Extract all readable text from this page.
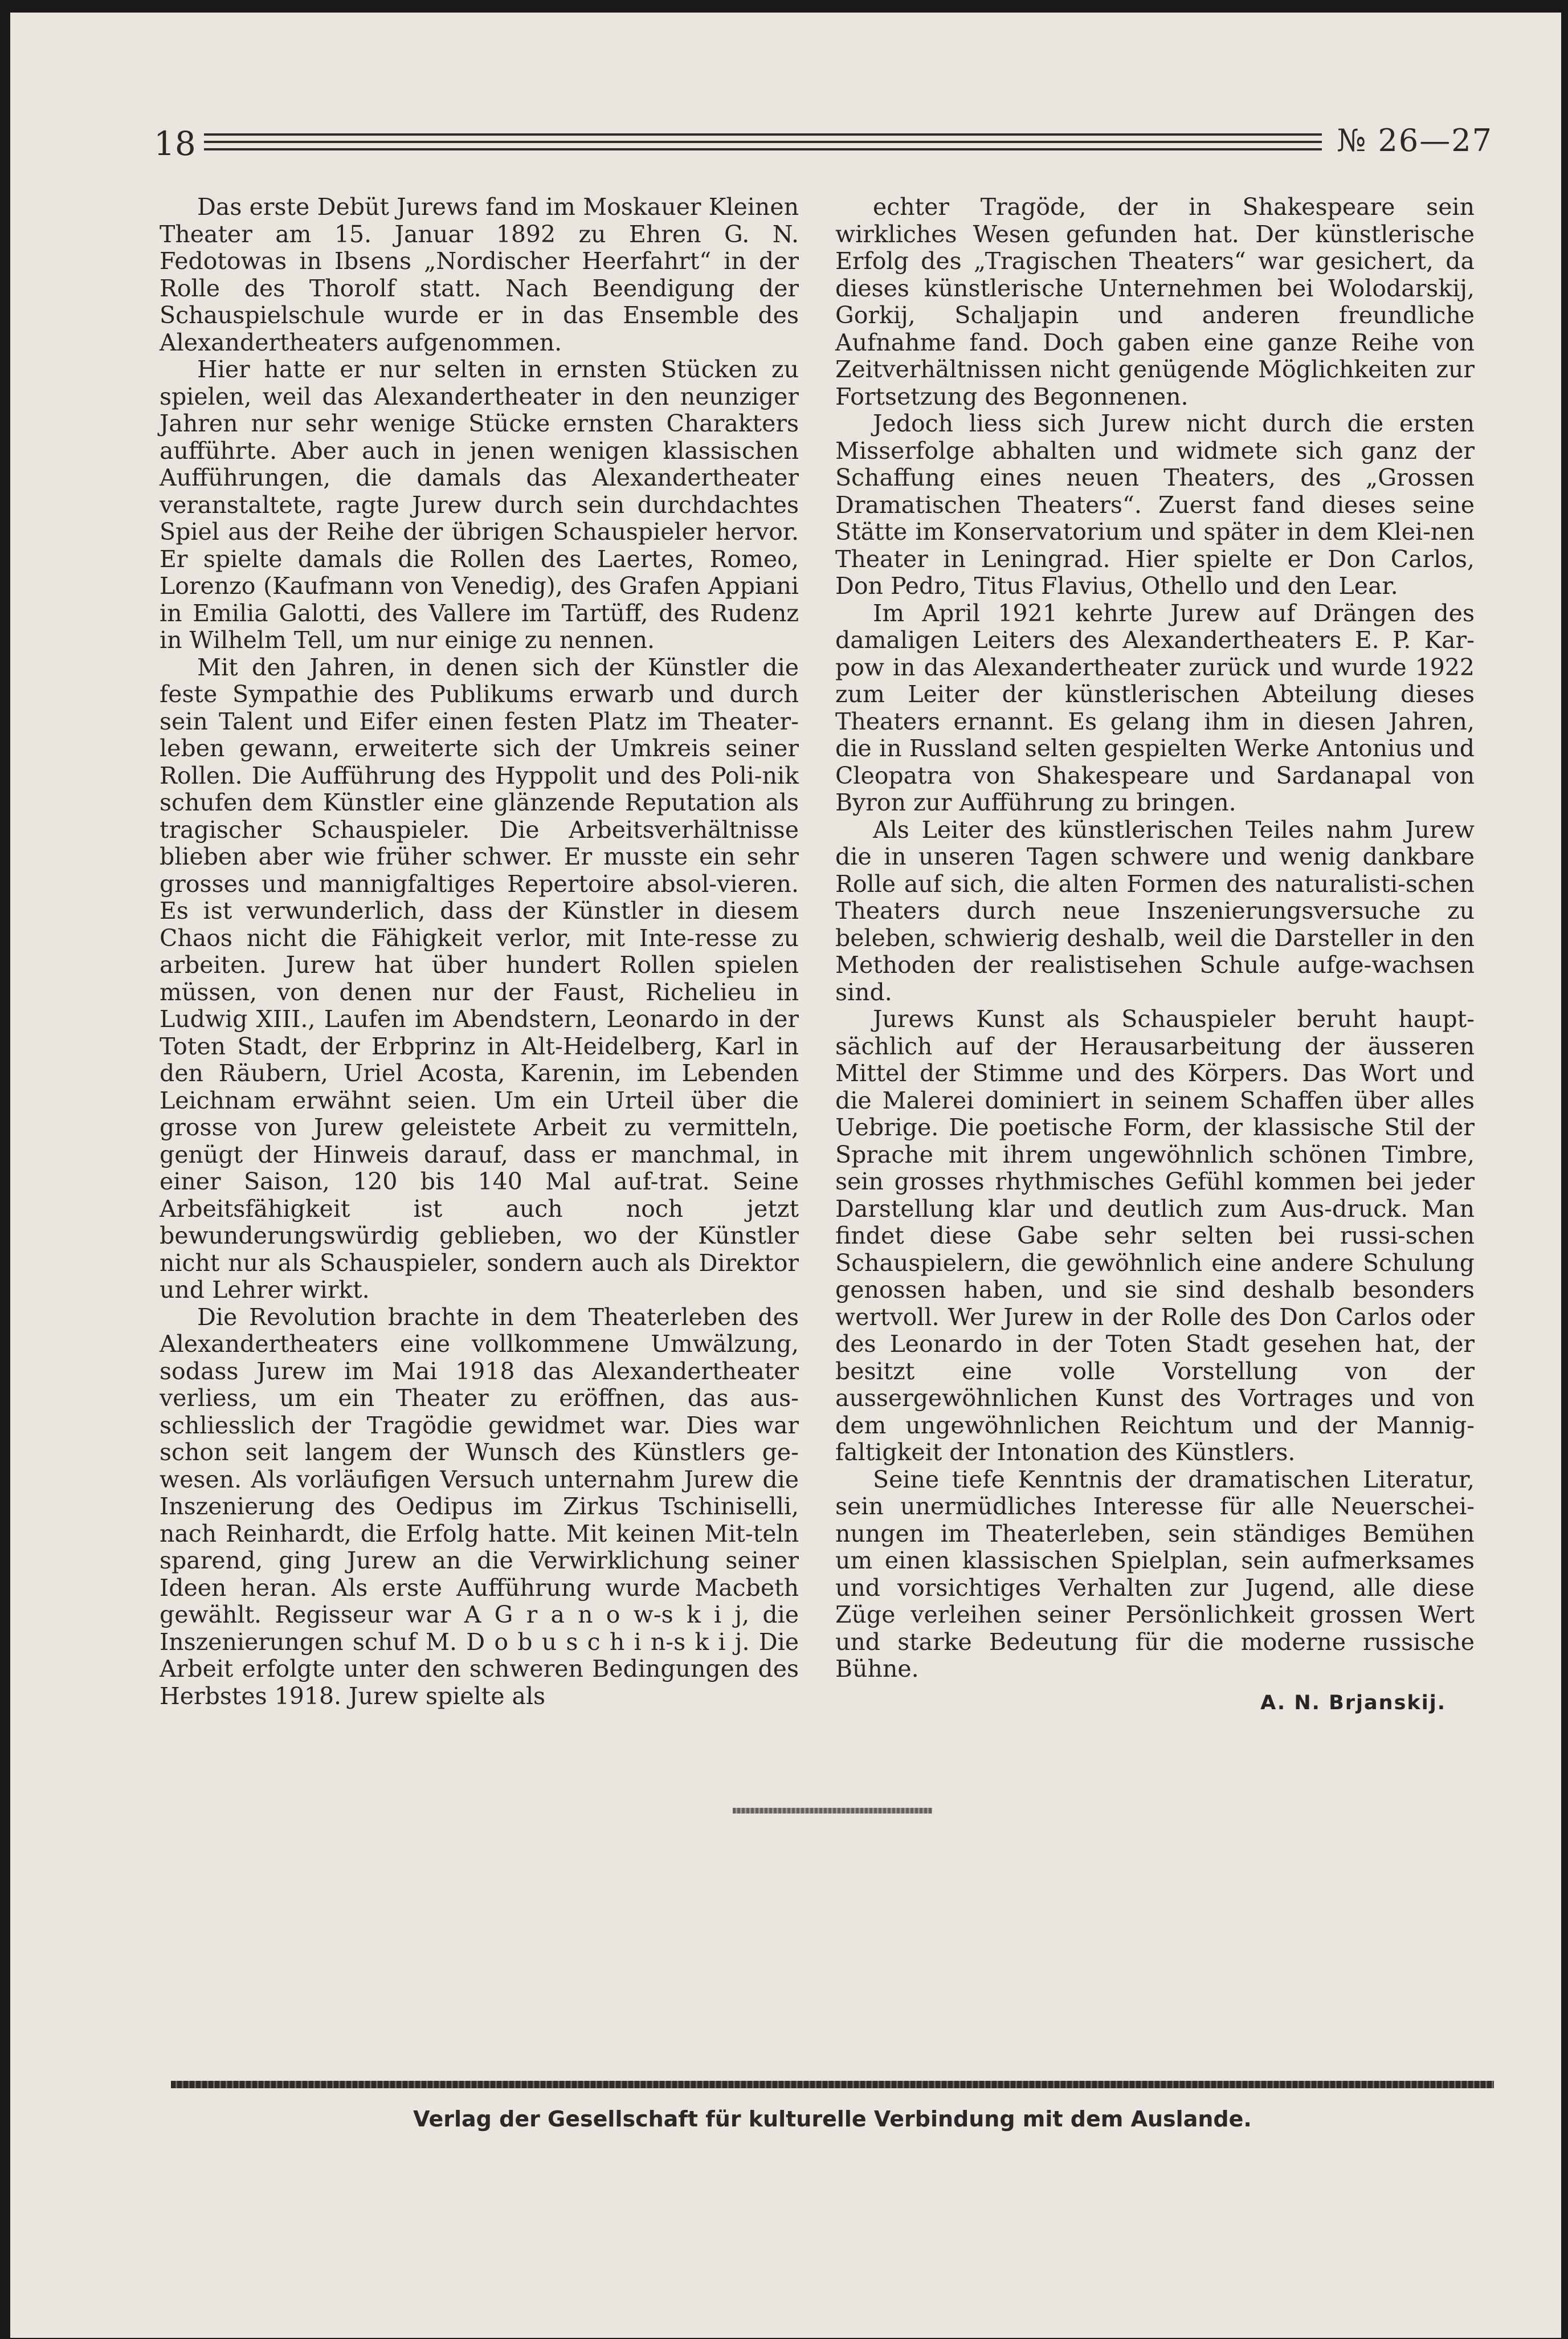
18	№ 26—27

Das erste Debüt Jurews fand im Moskauer Kleinen Theater am 15. Januar 1892 zu Ehren G. N. Fedotowas in Ibsens „Nordischer Heerfahrt“ in der Rolle des Thorolf statt. Nach Beendigung der Schauspielschule wurde er in das Ensemble des Alexandertheaters aufgenommen.

Hier hatte er nur selten in ernsten Stücken zu spielen, weil das Alexandertheater in den neunziger Jahren nur sehr wenige Stücke ernsten Charakters aufführte. Aber auch in jenen wenigen klassischen Aufführungen, die damals das Alexandertheater veranstaltete, ragte Jurew durch sein durchdachtes Spiel aus der Reihe der übrigen Schauspieler hervor. Er spielte damals die Rollen des Laertes, Romeo, Lorenzo (Kaufmann von Venedig), des Grafen Appiani in Emilia Galotti, des Vallere im Tartüff, des Rudenz in Wilhelm Tell, um nur einige zu nennen.

Mit den Jahren, in denen sich der Künstler die feste Sympathie des Publikums erwarb und durch sein Talent und Eifer einen festen Platz im Theater-leben gewann, erweiterte sich der Umkreis seiner Rollen. Die Aufführung des Hyppolit und des Poli-nik schufen dem Künstler eine glänzende Reputation als tragischer Schauspieler. Die Arbeitsverhältnisse blieben aber wie früher schwer. Er musste ein sehr grosses und mannigfaltiges Repertoire absol-vieren. Es ist verwunderlich, dass der Künstler in diesem Chaos nicht die Fähigkeit verlor, mit Inte-resse zu arbeiten. Jurew hat über hundert Rollen spielen müssen, von denen nur der Faust, Richelieu in Ludwig XIII., Laufen im Abendstern, Leonardo in der Toten Stadt, der Erbprinz in Alt-Heidelberg, Karl in den Räubern, Uriel Acosta, Karenin, im Lebenden Leichnam erwähnt seien. Um ein Urteil über die grosse von Jurew geleistete Arbeit zu vermitteln, genügt der Hinweis darauf, dass er manchmal, in einer Saison, 120 bis 140 Mal auf-trat. Seine Arbeitsfähigkeit ist auch noch jetzt bewunderungswürdig geblieben, wo der Künstler nicht nur als Schauspieler, sondern auch als Direktor und Lehrer wirkt.

Die Revolution brachte in dem Theaterleben des Alexandertheaters eine vollkommene Umwälzung, sodass Jurew im Mai 1918 das Alexandertheater verliess, um ein Theater zu eröffnen, das aus-schliesslich der Tragödie gewidmet war. Dies war schon seit langem der Wunsch des Künstlers ge-wesen. Als vorläufigen Versuch unternahm Jurew die Inszenierung des Oedipus im Zirkus Tschiniselli, nach Reinhardt, die Erfolg hatte. Mit keinen Mit-teln sparend, ging Jurew an die Verwirklichung seiner Ideen heran. Als erste Aufführung wurde Macbeth gewählt. Regisseur war A G r a n o w-s k i j, die Inszenierungen schuf M. D o b u s c h i n-s k i j. Die Arbeit erfolgte unter den schweren Bedingungen des Herbstes 1918. Jurew spielte als

echter Tragöde, der in Shakespeare sein wirkliches Wesen gefunden hat. Der künstlerische Erfolg des „Tragischen Theaters“ war gesichert, da dieses künstlerische Unternehmen bei Wolodarskij, Gorkij, Schaljapin und anderen freundliche Aufnahme fand. Doch gaben eine ganze Reihe von Zeitverhältnissen nicht genügende Möglichkeiten zur Fortsetzung des Begonnenen.

Jedoch liess sich Jurew nicht durch die ersten Misserfolge abhalten und widmete sich ganz der Schaffung eines neuen Theaters, des „Grossen Dramatischen Theaters“. Zuerst fand dieses seine Stätte im Konservatorium und später in dem Klei-nen Theater in Leningrad. Hier spielte er Don Carlos, Don Pedro, Titus Flavius, Othello und den Lear.

Im April 1921 kehrte Jurew auf Drängen des damaligen Leiters des Alexandertheaters E. P. Kar-pow in das Alexandertheater zurück und wurde 1922 zum Leiter der künstlerischen Abteilung dieses Theaters ernannt. Es gelang ihm in diesen Jahren, die in Russland selten gespielten Werke Antonius und Cleopatra von Shakespeare und Sardanapal von Byron zur Aufführung zu bringen.

Als Leiter des künstlerischen Teiles nahm Jurew die in unseren Tagen schwere und wenig dankbare Rolle auf sich, die alten Formen des naturalisti-schen Theaters durch neue Inszenierungsversuche zu beleben, schwierig deshalb, weil die Darsteller in den Methoden der realistisehen Schule aufge-wachsen sind.

Jurews Kunst als Schauspieler beruht haupt-sächlich auf der Herausarbeitung der äusseren Mittel der Stimme und des Körpers. Das Wort und die Malerei dominiert in seinem Schaffen über alles Uebrige. Die poetische Form, der klassische Stil der Sprache mit ihrem ungewöhnlich schönen Timbre, sein grosses rhythmisches Gefühl kommen bei jeder Darstellung klar und deutlich zum Aus-druck. Man findet diese Gabe sehr selten bei russi-schen Schauspielern, die gewöhnlich eine andere Schulung genossen haben, und sie sind deshalb besonders wertvoll. Wer Jurew in der Rolle des Don Carlos oder des Leonardo in der Toten Stadt gesehen hat, der besitzt eine volle Vorstellung von der aussergewöhnlichen Kunst des Vortrages und von dem ungewöhnlichen Reichtum und der Mannig-faltigkeit der Intonation des Künstlers.

Seine tiefe Kenntnis der dramatischen Literatur, sein unermüdliches Interesse für alle Neuerschei-nungen im Theaterleben, sein ständiges Bemühen um einen klassischen Spielplan, sein aufmerksames und vorsichtiges Verhalten zur Jugend, alle diese Züge verleihen seiner Persönlichkeit grossen Wert und starke Bedeutung für die moderne russische Bühne.

A. N. Brjanskij.
Verlag der Gesellschaft für kulturelle Verbindung mit dem Auslande.
